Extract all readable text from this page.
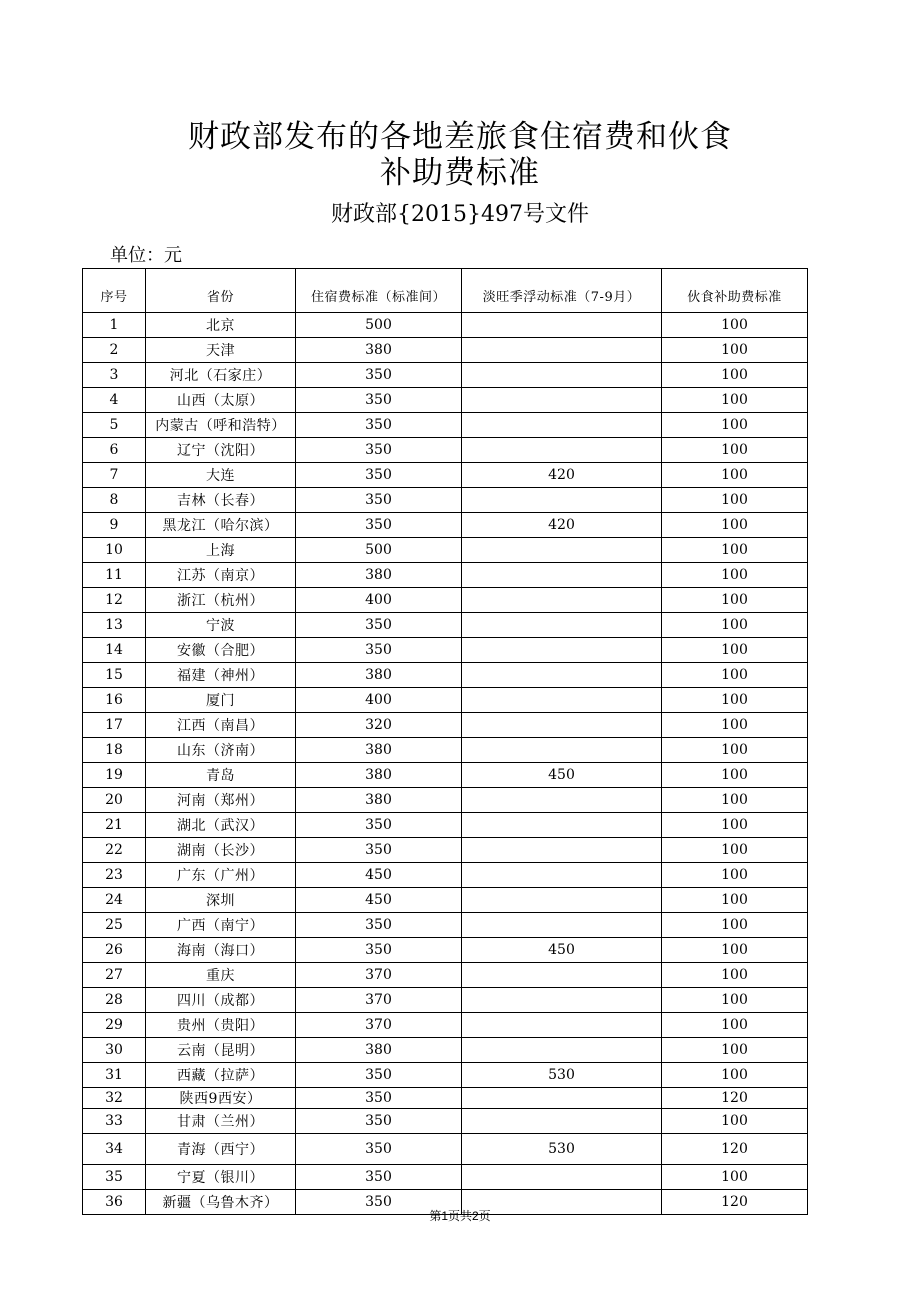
财政部发布的各地差旅食住宿费和伙食
补助费标准
财政部{2015}497号文件
单位：元
序号	省份	住宿费标准（标准间）	淡旺季浮动标准（7-9月）	伙食补助费标准
1	北京	500		100
2	天津	380		100
3	河北（石家庄）	350		100
4	山西（太原）	350		100
5	内蒙古（呼和浩特）	350		100
6	辽宁（沈阳）	350		100
7	大连	350	420	100
8	吉林（长春）	350		100
9	黑龙江（哈尔滨）	350	420	100
10	上海	500		100
11	江苏（南京）	380		100
12	浙江（杭州）	400		100
13	宁波	350		100
14	安徽（合肥）	350		100
15	福建（神州）	380		100
16	厦门	400		100
17	江西（南昌）	320		100
18	山东（济南）	380		100
19	青岛	380	450	100
20	河南（郑州）	380		100
21	湖北（武汉）	350		100
22	湖南（长沙）	350		100
23	广东（广州）	450		100
24	深圳	450		100
25	广西（南宁）	350		100
26	海南（海口）	350	450	100
27	重庆	370		100
28	四川（成都）	370		100
29	贵州（贵阳）	370		100
30	云南（昆明）	380		100
31	西藏（拉萨）	350	530	100
32	陕西9西安）	350		120
33	甘肃（兰州）	350		100
34	青海（西宁）	350	530	120
35	宁夏（银川）	350		100
36	新疆（乌鲁木齐）	350		120
第1页共2页
